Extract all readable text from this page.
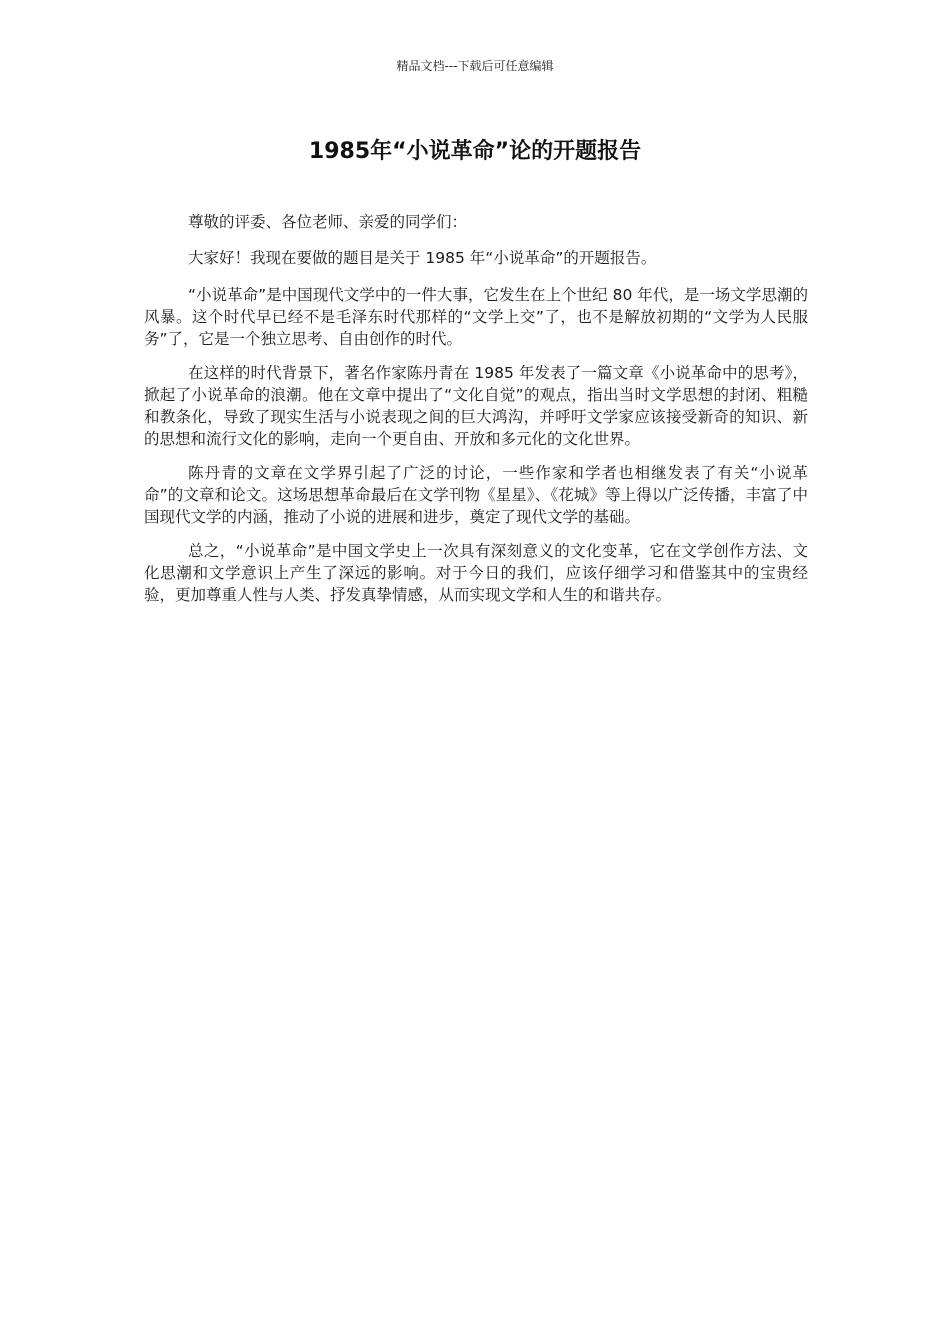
精品文档---下载后可任意编辑
1985年“小说革命”论的开题报告

尊敬的评委、各位老师、亲爱的同学们：

大家好！我现在要做的题目是关于 1985 年“小说革命”的开题报告。

“小说革命”是中国现代文学中的一件大事，它发生在上个世纪 80 年代，是一场文学思潮的风暴。这个时代早已经不是毛泽东时代那样的“文学上交”了，也不是解放初期的“文学为人民服务”了，它是一个独立思考、自由创作的时代。

在这样的时代背景下，著名作家陈丹青在 1985 年发表了一篇文章《小说革命中的思考》，掀起了小说革命的浪潮。他在文章中提出了“文化自觉”的观点，指出当时文学思想的封闭、粗糙和教条化，导致了现实生活与小说表现之间的巨大鸿沟，并呼吁文学家应该接受新奇的知识、新的思想和流行文化的影响，走向一个更自由、开放和多元化的文化世界。

陈丹青的文章在文学界引起了广泛的讨论，一些作家和学者也相继发表了有关“小说革命”的文章和论文。这场思想革命最后在文学刊物《星星》、《花城》等上得以广泛传播，丰富了中国现代文学的内涵，推动了小说的进展和进步，奠定了现代文学的基础。

总之，“小说革命”是中国文学史上一次具有深刻意义的文化变革，它在文学创作方法、文化思潮和文学意识上产生了深远的影响。对于今日的我们，应该仔细学习和借鉴其中的宝贵经验，更加尊重人性与人类、抒发真挚情感，从而实现文学和人生的和谐共存。
